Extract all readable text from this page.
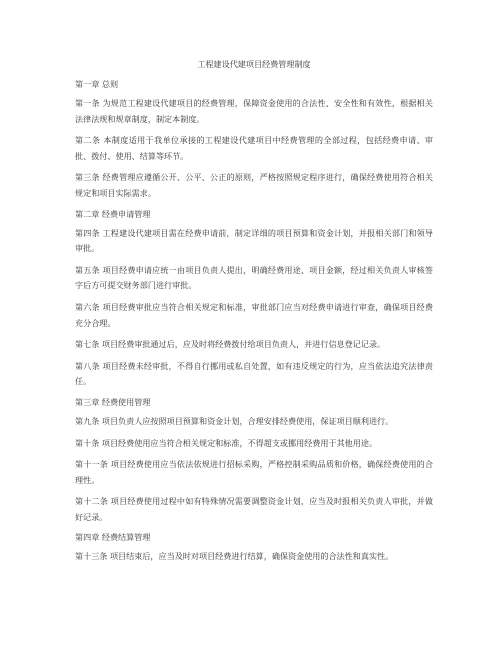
工程建设代建项目经费管理制度
第一章 总则
第一条 为规范工程建设代建项目的经费管理，保障资金使用的合法性、安全性和有效性，根据相关法律法规和规章制度，制定本制度。
第二条 本制度适用于我单位承接的工程建设代建项目中经费管理的全部过程，包括经费申请、审批、拨付、使用、结算等环节。
第三条 经费管理应遵循公开、公平、公正的原则，严格按照规定程序进行，确保经费使用符合相关规定和项目实际需求。
第二章 经费申请管理
第四条 工程建设代建项目需在经费申请前，制定详细的项目预算和资金计划，并报相关部门和领导审批。
第五条 项目经费申请应统一由项目负责人提出，明确经费用途、项目金额，经过相关负责人审核签字后方可提交财务部门进行审批。
第六条 项目经费审批应当符合相关规定和标准，审批部门应当对经费申请进行审查，确保项目经费充分合理。
第七条 项目经费审批通过后，应及时将经费拨付给项目负责人，并进行信息登记记录。
第八条 项目经费未经审批，不得自行挪用或私自处置，如有违反规定的行为，应当依法追究法律责任。
第三章 经费使用管理
第九条 项目负责人应按照项目预算和资金计划，合理安排经费使用，保证项目顺利进行。
第十条 项目经费使用应当符合相关规定和标准，不得超支或挪用经费用于其他用途。
第十一条 项目经费使用应当依法依规进行招标采购，严格控制采购品质和价格，确保经费使用的合理性。
第十二条 项目经费使用过程中如有特殊情况需要调整资金计划，应当及时报相关负责人审批，并做好记录。
第四章 经费结算管理
第十三条 项目结束后，应当及时对项目经费进行结算，确保资金使用的合法性和真实性。
